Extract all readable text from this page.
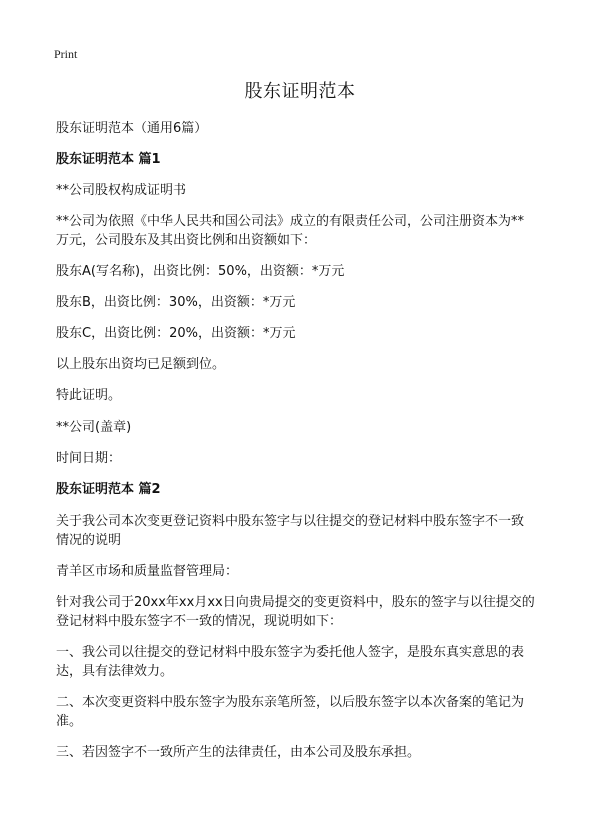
Print
股东证明范本
股东证明范本（通用6篇）
股东证明范本 篇1
**公司股权构成证明书
**公司为依照《中华人民共和国公司法》成立的有限责任公司，公司注册资本为**
万元，公司股东及其出资比例和出资额如下：
股东A(写名称)，出资比例：50%，出资额：*万元
股东B，出资比例：30%，出资额：*万元
股东C，出资比例：20%，出资额：*万元
以上股东出资均已足额到位。
特此证明。
**公司(盖章)
时间日期：
股东证明范本 篇2
关于我公司本次变更登记资料中股东签字与以往提交的登记材料中股东签字不一致
情况的说明
青羊区市场和质量监督管理局：
针对我公司于20xx年xx月xx日向贵局提交的变更资料中，股东的签字与以往提交的
登记材料中股东签字不一致的情况，现说明如下：
一、我公司以往提交的登记材料中股东签字为委托他人签字，是股东真实意思的表
达，具有法律效力。
二、本次变更资料中股东签字为股东亲笔所签，以后股东签字以本次备案的笔记为
准。
三、若因签字不一致所产生的法律责任，由本公司及股东承担。
